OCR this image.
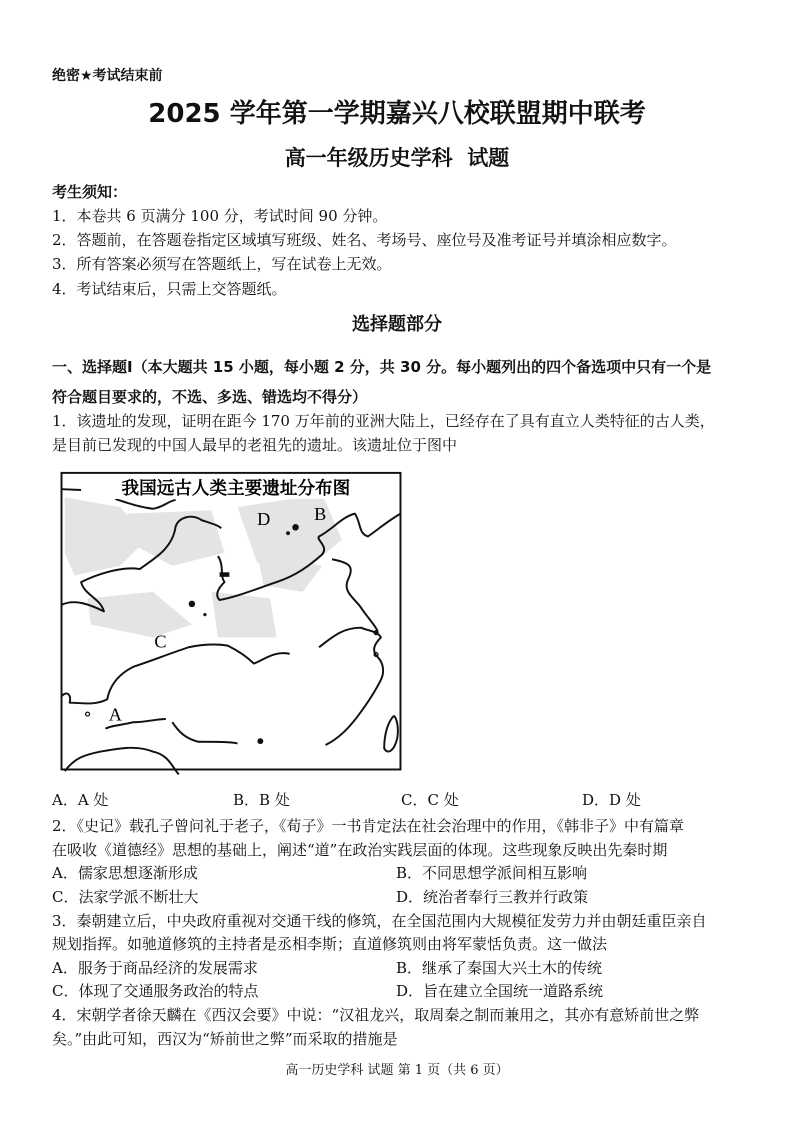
绝密★考试结束前
2025 学年第一学期嘉兴八校联盟期中联考
高一年级历史学科  试题
考生须知：
1．本卷共 6 页满分 100 分，考试时间 90 分钟。
2．答题前，在答题卷指定区域填写班级、姓名、考场号、座位号及准考证号并填涂相应数字。
3．所有答案必须写在答题纸上，写在试卷上无效。
4．考试结束后，只需上交答题纸。
选择题部分
一、选择题Ⅰ（本大题共 15 小题，每小题 2 分，共 30 分。每小题列出的四个备选项中只有一个是
符合题目要求的，不选、多选、错选均不得分）
1．该遗址的发现，证明在距今 170 万年前的亚洲大陆上，已经存在了具有直立人类特征的古人类，
是目前已发现的中国人最早的老祖先的遗址。该遗址位于图中
我国远古人类主要遗址分布图
A
B
C
D
A．A 处	B．B 处	C．C 处	D．D 处
2．《史记》载孔子曾问礼于老子，《荀子》一书肯定法在社会治理中的作用，《韩非子》中有篇章
在吸收《道德经》思想的基础上，阐述“道”在政治实践层面的体现。这些现象反映出先秦时期
A．儒家思想逐渐形成	B．不同思想学派间相互影响
C．法家学派不断壮大	D．统治者奉行三教并行政策
3．秦朝建立后，中央政府重视对交通干线的修筑，在全国范围内大规模征发劳力并由朝廷重臣亲自
规划指挥。如驰道修筑的主持者是丞相李斯；直道修筑则由将军蒙恬负责。这一做法
A．服务于商品经济的发展需求	B．继承了秦国大兴土木的传统
C．体现了交通服务政治的特点	D．旨在建立全国统一道路系统
4．宋朝学者徐天麟在《西汉会要》中说：“汉祖龙兴，取周秦之制而兼用之，其亦有意矫前世之弊
矣。”由此可知，西汉为“矫前世之弊”而采取的措施是
高一历史学科 试题 第 1 页（共 6 页）
